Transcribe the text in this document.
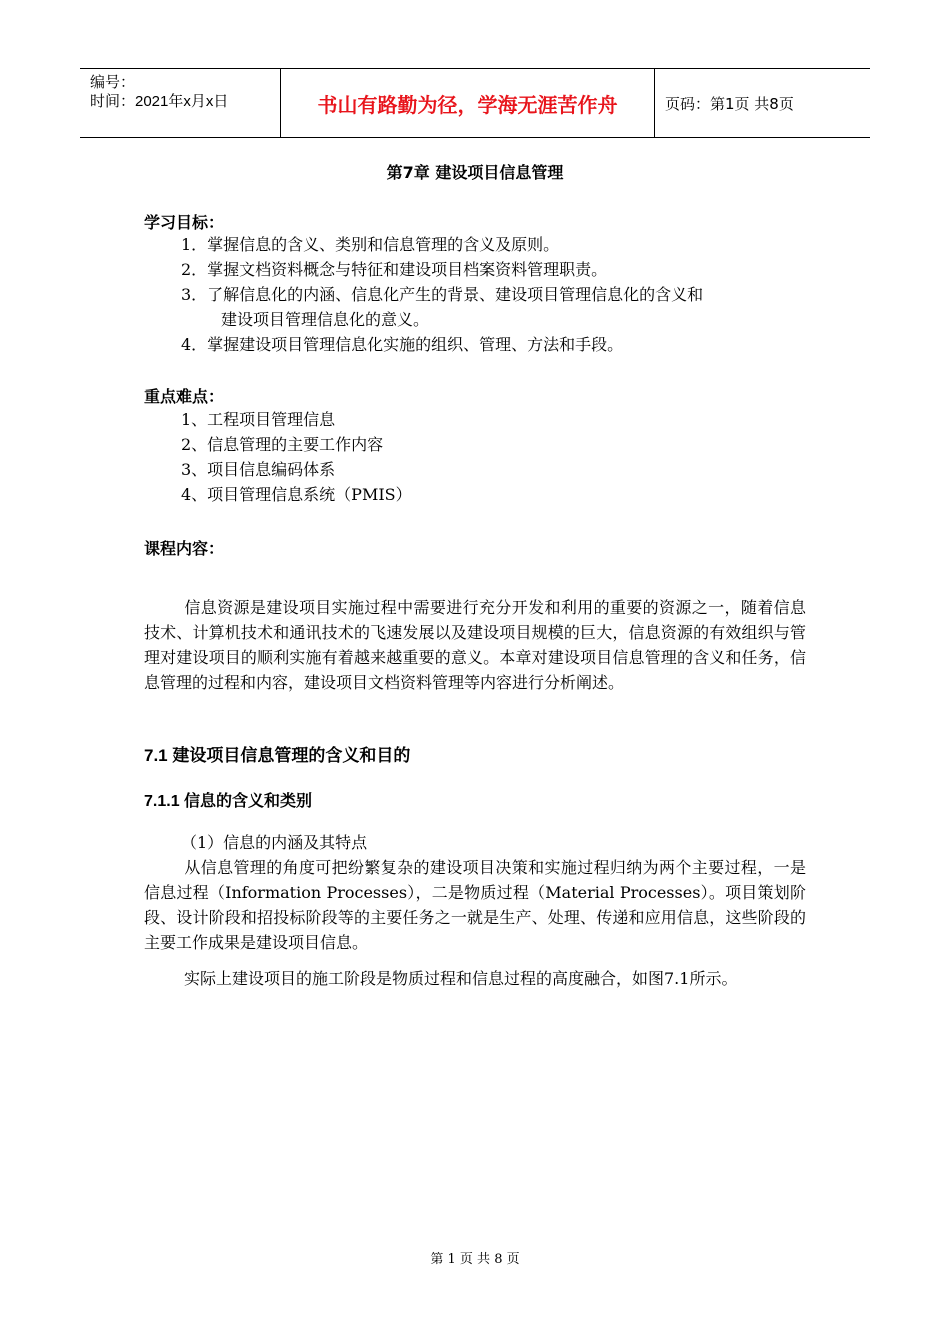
编号：
时间：2021年x月x日	书山有路勤为径，学海无涯苦作舟	页码：第1页 共8页
第7章 建设项目信息管理
学习目标：
1．掌握信息的含义、类别和信息管理的含义及原则。
2．掌握文档资料概念与特征和建设项目档案资料管理职责。
3．了解信息化的内涵、信息化产生的背景、建设项目管理信息化的含义和
建设项目管理信息化的意义。
4．掌握建设项目管理信息化实施的组织、管理、方法和手段。
重点难点：
1、工程项目管理信息
2、信息管理的主要工作内容
3、项目信息编码体系
4、项目管理信息系统（PMIS）
课程内容：

信息资源是建设项目实施过程中需要进行充分开发和利用的重要的资源之一，随着信息技术、计算机技术和通讯技术的飞速发展以及建设项目规模的巨大，信息资源的有效组织与管理对建设项目的顺利实施有着越来越重要的意义。本章对建设项目信息管理的含义和任务，信息管理的过程和内容，建设项目文档资料管理等内容进行分析阐述。

7.1 建设项目信息管理的含义和目的
7.1.1 信息的含义和类别
（1）信息的内涵及其特点

从信息管理的角度可把纷繁复杂的建设项目决策和实施过程归纳为两个主要过程，一是信息过程（Information Processes），二是物质过程（Material Processes）。项目策划阶段、设计阶段和招投标阶段等的主要任务之一就是生产、处理、传递和应用信息，这些阶段的主要工作成果是建设项目信息。

实际上建设项目的施工阶段是物质过程和信息过程的高度融合，如图7.1所示。

第 1 页 共 8 页
